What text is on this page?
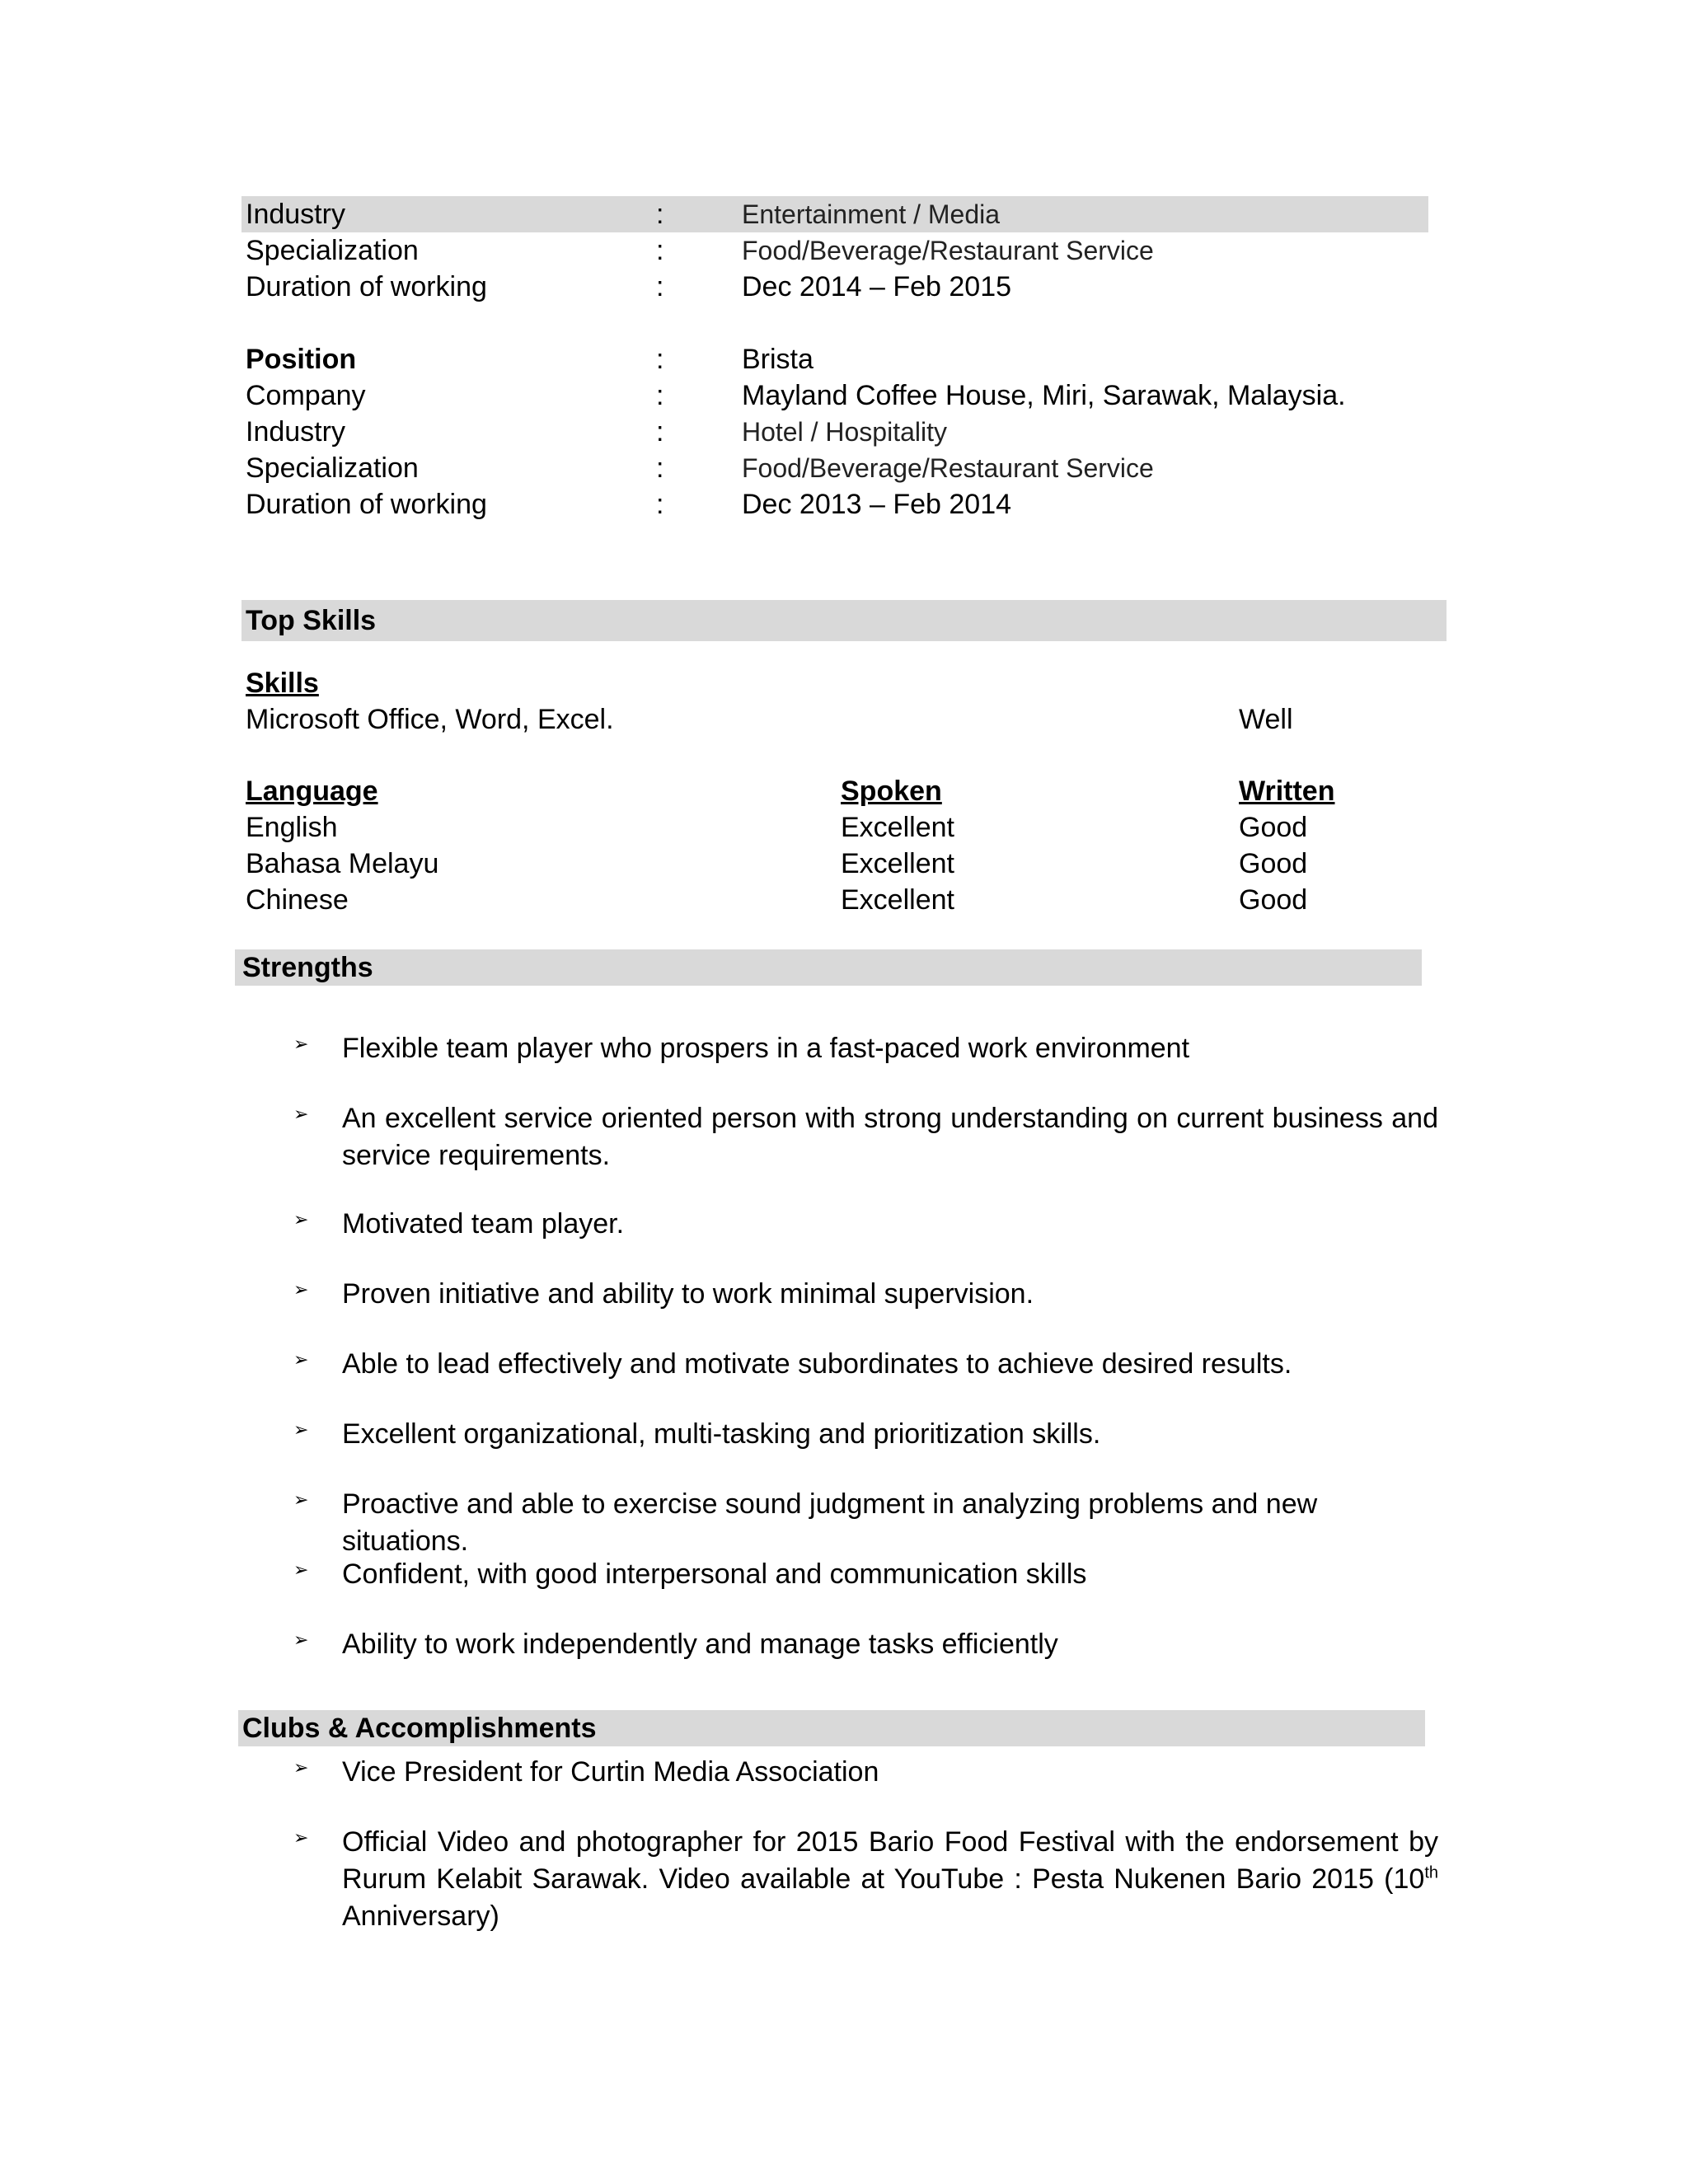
Industry	:	Entertainment / Media
Specialization	:	Food/Beverage/Restaurant Service
Duration of working	:	Dec 2014 – Feb 2015
Position	:	Brista
Company	:	Mayland Coffee House, Miri, Sarawak, Malaysia.
Industry	:	Hotel / Hospitality
Specialization	:	Food/Beverage/Restaurant Service
Duration of working	:	Dec 2013 – Feb 2014
Top Skills
Skills
Microsoft Office, Word, Excel.	Well
Language	Spoken	Written
English	Excellent	Good
Bahasa Melayu	Excellent	Good
Chinese	Excellent	Good
Strengths
➢ Flexible team player who prospers in a fast-paced work environment
➢ An excellent service oriented person with strong understanding on current business and service requirements.
➢ Motivated team player.
➢ Proven initiative and ability to work minimal supervision.
➢ Able to lead effectively and motivate subordinates to achieve desired results.
➢ Excellent organizational, multi-tasking and prioritization skills.
➢ Proactive and able to exercise sound judgment in analyzing problems and new situations.
➢ Confident, with good interpersonal and communication skills
➢ Ability to work independently and manage tasks efficiently
Clubs & Accomplishments
➢ Vice President for Curtin Media Association
➢ Official Video and photographer for 2015 Bario Food Festival with the endorsement by Rurum Kelabit Sarawak. Video available at YouTube : Pesta Nukenen Bario 2015 (10th Anniversary)
